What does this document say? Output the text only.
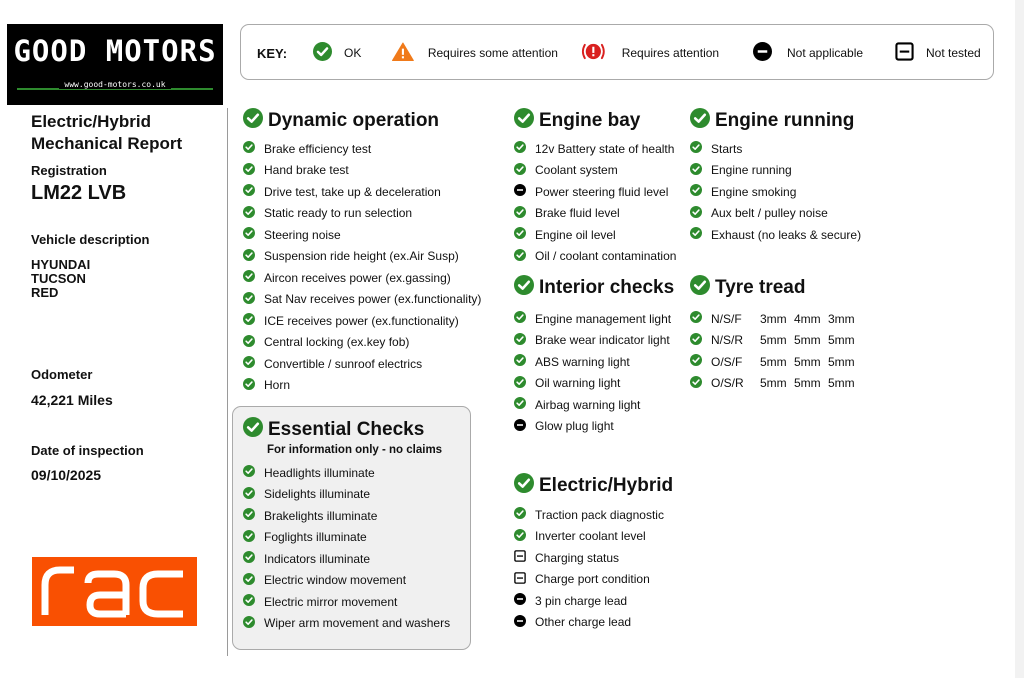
GOOD MOTORS
www.good-motors.co.uk
Electric/Hybrid Mechanical Report
Registration
LM22 LVB
Vehicle description
HYUNDAI
TUCSON
RED
Odometer
42,221 Miles
Date of inspection
09/10/2025
KEY:	OK	Requires some attention	Requires attention	Not applicable	Not tested
Dynamic operation
Brake efficiency test
Hand brake test
Drive test, take up & deceleration
Static ready to run selection
Steering noise
Suspension ride height (ex.Air Susp)
Aircon receives power (ex.gassing)
Sat Nav receives power (ex.functionality)
ICE receives power (ex.functionality)
Central locking (ex.key fob)
Convertible / sunroof electrics
Horn
Essential Checks
For information only - no claims
Headlights illuminate
Sidelights illuminate
Brakelights illuminate
Foglights illuminate
Indicators illuminate
Electric window movement
Electric mirror movement
Wiper arm movement and washers
Engine bay
12v Battery state of health
Coolant system
Power steering fluid level
Brake fluid level
Engine oil level
Oil / coolant contamination
Interior checks
Engine management light
Brake wear indicator light
ABS warning light
Oil warning light
Airbag warning light
Glow plug light
Electric/Hybrid
Traction pack diagnostic
Inverter coolant level
Charging status
Charge port condition
3 pin charge lead
Other charge lead
Engine running
Starts
Engine running
Engine smoking
Aux belt / pulley noise
Exhaust (no leaks & secure)
Tyre tread
N/S/F	3mm 4mm 3mm
N/S/R	5mm 5mm 5mm
O/S/F	5mm 5mm 5mm
O/S/R	5mm 5mm 5mm
